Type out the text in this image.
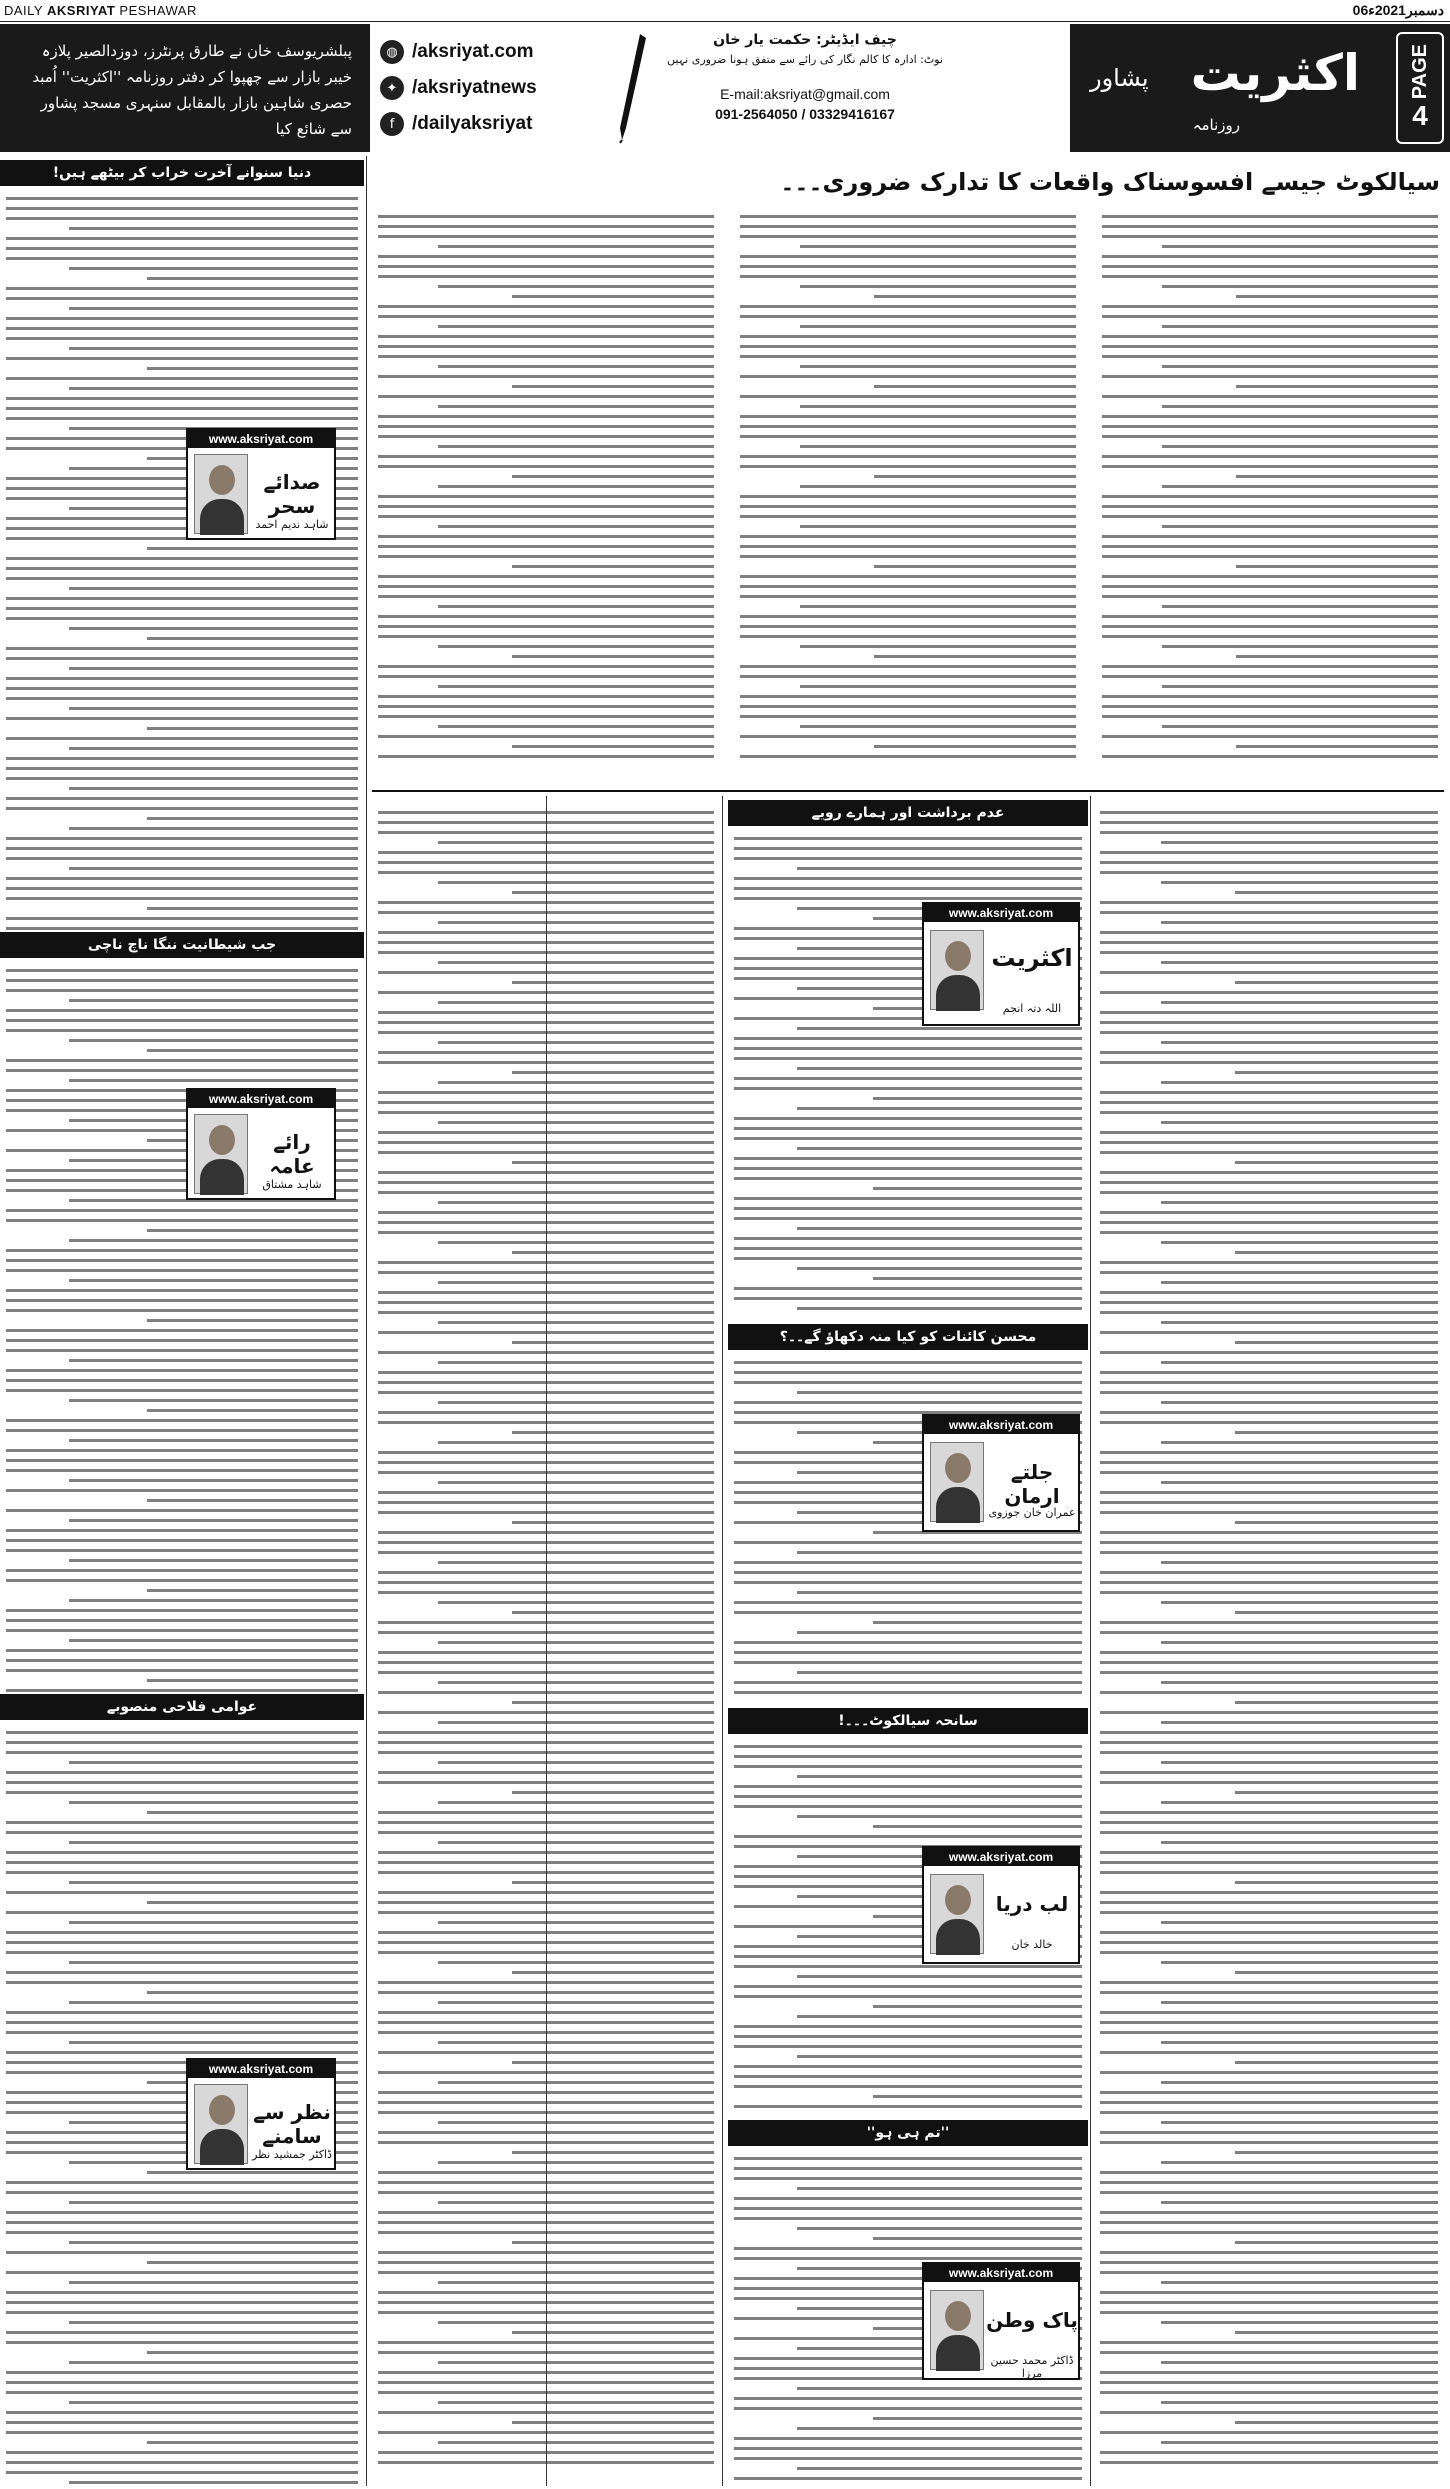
DAILY AKSRIYAT PESHAWAR	06دسمبر2021ء
پبلشریوسف خان نے طارق پرنٹرز، دوزدالصیر پلازہ خیبر بازار سے چھپوا کر دفتر روزنامہ ''اکثریت'' اُمبد حصری شاہین بازار بالمقابل سنہری مسجد پشاور سے شائع کیا
◍ /aksriyat.com
✦ /aksriyatnews
f /dailyaksriyat
چیف ایڈیٹر: حکمت یار خان
نوٹ: ادارہ کا کالم نگار کی رائے سے متفق ہونا ضروری نہیں
E-mail:aksriyat@gmail.com
091-2564050 / 03329416167
اکثریت
روزنامہ
پشاور	PAGE
4
سیالکوٹ جیسے افسوسناک واقعات کا تدارک ضروری۔۔۔
دنیا سنوانے آخرت خراب کر بیٹھے ہیں!
جب شیطانیت ننگا ناچ ناچی
عوامی فلاحی منصوبے
عدم برداشت اور ہمارے رویے
محسن کائنات کو کیا منہ دکھاؤ گے۔۔؟
سانحہ سیالکوٹ۔۔۔!
''تم ہی ہو''
www.aksriyat.com
صدائے سحر
شاہد ندیم احمد
www.aksriyat.com
رائے عامہ
شاہد مشتاق
www.aksriyat.com
نظر سے سامنے
ڈاکٹر جمشید نظر
www.aksriyat.com
اکثریت
اللہ دتہ انجم
www.aksriyat.com
جلتے ارمان
عمران خان جوزوی
www.aksriyat.com
لب دریا
خالد خان
www.aksriyat.com
پاک وطن
ڈاکٹر محمد حسین مرزا
